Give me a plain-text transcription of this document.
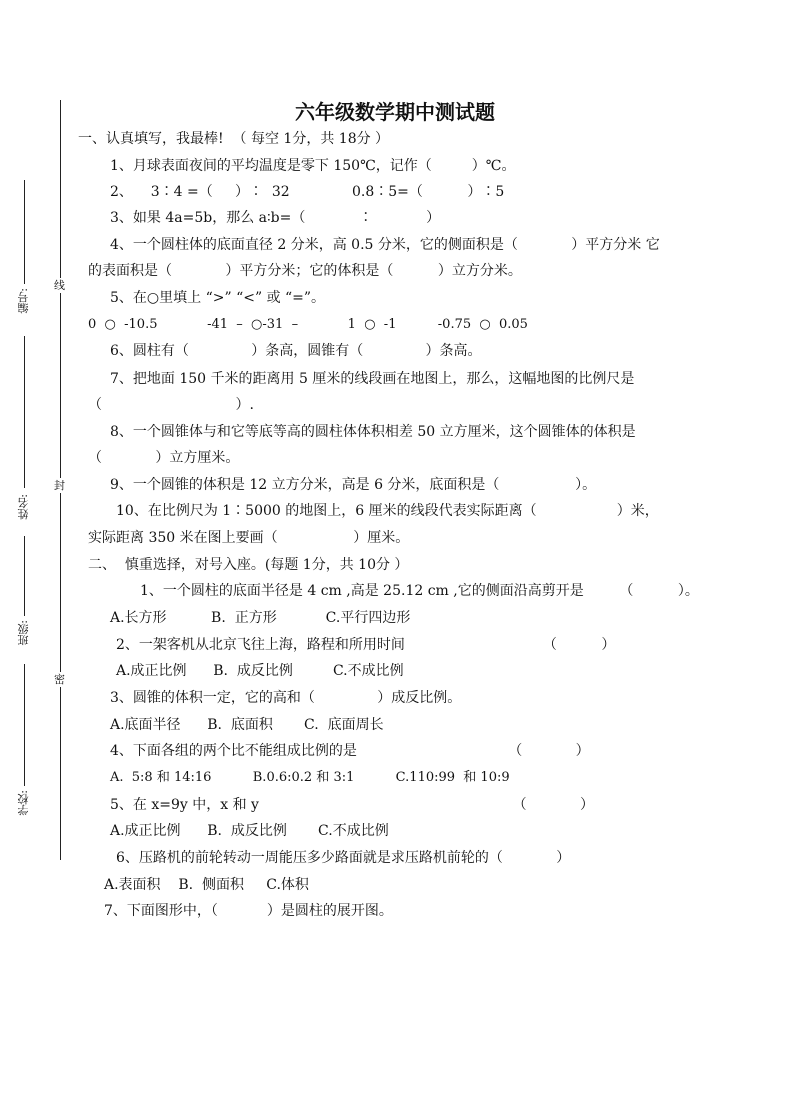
编号:
姓名:
班级:
学校:
线
封
密
六年级数学期中测试题
一、认真填写，我最棒!  （ 每空 1分，共 18分 ）
1、月球表面夜间的平均温度是零下 150℃，记作（         ）℃。
2、    3∶4 =（     ）∶  32              0.8∶5=（          ）∶5
3、如果 4a=5b，那么 a∶b=（            ∶            ）
4、一个圆柱体的底面直径 2 分米，高 0.5 分米，它的侧面积是（            ）平方分米 它
的表面积是（            ）平方分米；它的体积是（          ）立方分米。
5、在○里填上 “>” “<” 或 “=”。
0  ○  -10.5            -41  –  ○-31  –            1  ○  -1          -0.75  ○  0.05
6、圆柱有（              ）条高，圆锥有（              ）条高。
7、把地面 150 千米的距离用 5 厘米的线段画在地图上，那么，这幅地图的比例尺是
（                              ）.
8、一个圆锥体与和它等底等高的圆柱体体积相差 50 立方厘米，这个圆锥体的体积是
（            ）立方厘米。
9、一个圆锥的体积是 12 立方分米，高是 6 分米，底面积是（                 ）。
10、在比例尺为 1∶5000 的地图上，6 厘米的线段代表实际距离（                  ）米，
实际距离 350 米在图上要画（                 ）厘米。
二、  慎重选择，对号入座。(每题 1分，共 10分 ）
1、一个圆柱的底面半径是 4 cm ,高是 25.12 cm ,它的侧面沿高剪开是        （          ）。
A.长方形          B.  正方形           C.平行四边形
2、一架客机从北京飞往上海，路程和所用时间                               （          ）
A.成正比例      B.  成反比例         C.不成比例
3、圆锥的体积一定，它的高和（              ）成反比例。
A.底面半径      B.  底面积       C.  底面周长
4、下面各组的两个比不能组成比例的是                                  （            ）
A.  5:8 和 14:16          B.0.6:0.2 和 3:1          C.110:99  和 10:9
5、在 x=9y 中，x 和 y                                                         （            ）
A.成正比例      B.  成反比例       C.不成比例
6、压路机的前轮转动一周能压多少路面就是求压路机前轮的（            ）
A.表面积    B.  侧面积     C.体积
7、下面图形中，（           ）是圆柱的展开图。
